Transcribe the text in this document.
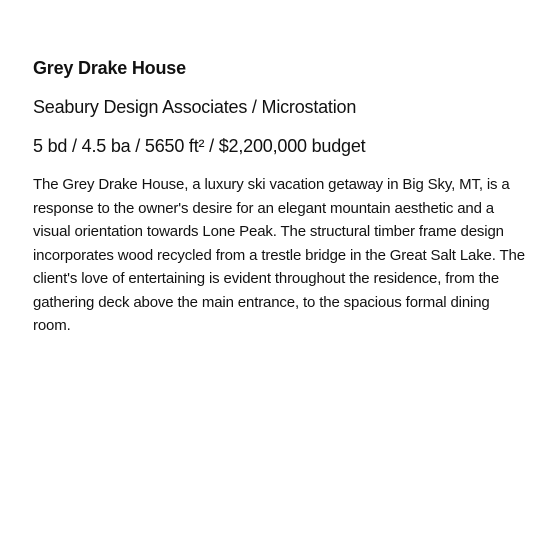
Grey Drake House

Seabury Design Associates / Microstation

5 bd / 4.5 ba / 5650 ft² / $2,200,000 budget

The Grey Drake House, a luxury ski vacation getaway in Big Sky, MT, is a response to the owner's desire for an elegant mountain aesthetic and a visual orientation towards Lone Peak. The structural timber frame design incorporates wood recycled from a trestle bridge in the Great Salt Lake. The client's love of entertaining is evident throughout the residence, from the gathering deck above the main entrance, to the spacious formal dining room.
